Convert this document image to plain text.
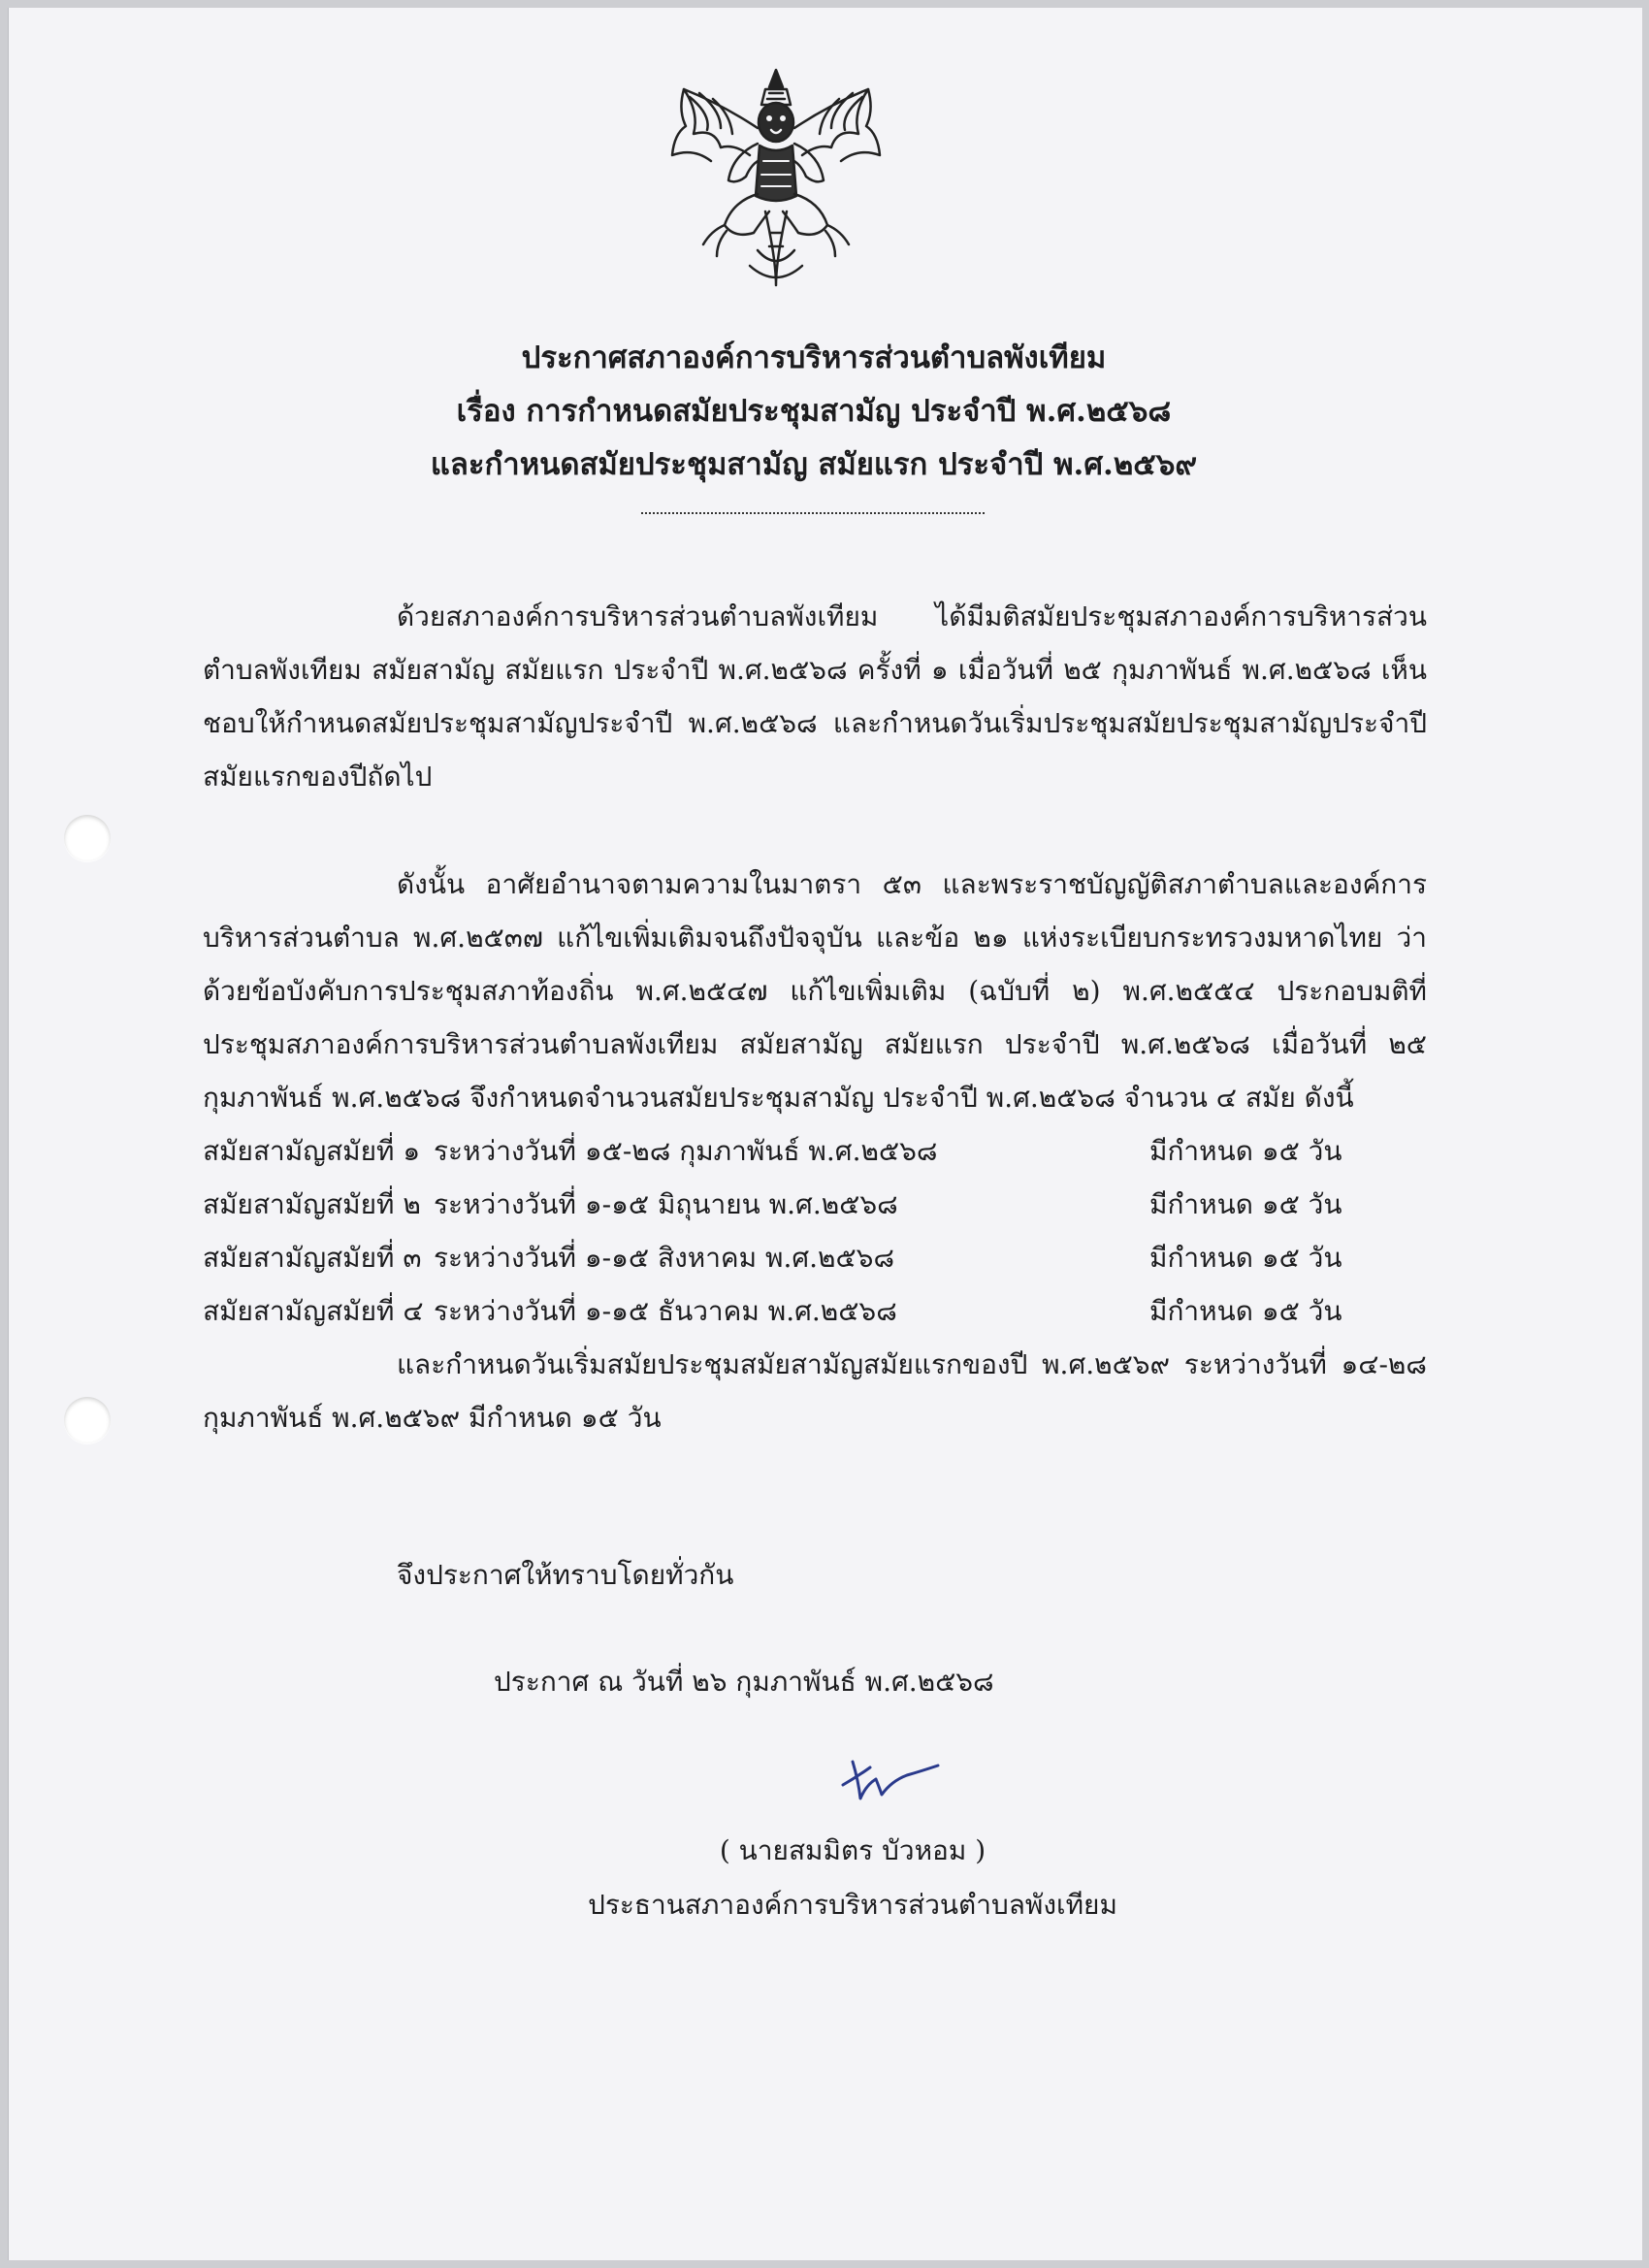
ประกาศสภาองค์การบริหารส่วนตำบลพังเทียม
เรื่อง การกำหนดสมัยประชุมสามัญ ประจำปี พ.ศ.๒๕๖๘
และกำหนดสมัยประชุมสามัญ สมัยแรก ประจำปี พ.ศ.๒๕๖๙

ด้วยสภาองค์การบริหารส่วนตำบลพังเทียม ได้มีมติสมัยประชุมสภาองค์การบริหารส่วนตำบลพังเทียม สมัยสามัญ สมัยแรก ประจำปี พ.ศ.๒๕๖๘ ครั้งที่ ๑ เมื่อวันที่ ๒๕ กุมภาพันธ์ พ.ศ.๒๕๖๘ เห็นชอบให้กำหนดสมัยประชุมสามัญประจำปี พ.ศ.๒๕๖๘ และกำหนดวันเริ่มประชุมสมัยประชุมสามัญประจำปี สมัยแรกของปีถัดไป

ดังนั้น อาศัยอำนาจตามความในมาตรา ๕๓ และพระราชบัญญัติสภาตำบลและองค์การบริหารส่วนตำบล พ.ศ.๒๕๓๗ แก้ไขเพิ่มเติมจนถึงปัจจุบัน และข้อ ๒๑ แห่งระเบียบกระทรวงมหาดไทย ว่าด้วยข้อบังคับการประชุมสภาท้องถิ่น พ.ศ.๒๕๔๗ แก้ไขเพิ่มเติม (ฉบับที่ ๒) พ.ศ.๒๕๕๔ ประกอบมติที่ประชุมสภาองค์การบริหารส่วนตำบลพังเทียม สมัยสามัญ สมัยแรก ประจำปี พ.ศ.๒๕๖๘ เมื่อวันที่ ๒๕ กุมภาพันธ์ พ.ศ.๒๕๖๘ จึงกำหนดจำนวนสมัยประชุมสามัญ ประจำปี พ.ศ.๒๕๖๘ จำนวน ๔ สมัย ดังนี้

สมัยสามัญสมัยที่ ๑ ระหว่างวันที่ ๑๕-๒๘ กุมภาพันธ์ พ.ศ.๒๕๖๘	มีกำหนด ๑๕ วัน
สมัยสามัญสมัยที่ ๒ ระหว่างวันที่ ๑-๑๕ มิถุนายน พ.ศ.๒๕๖๘	มีกำหนด ๑๕ วัน
สมัยสามัญสมัยที่ ๓ ระหว่างวันที่ ๑-๑๕ สิงหาคม พ.ศ.๒๕๖๘	มีกำหนด ๑๕ วัน
สมัยสามัญสมัยที่ ๔ ระหว่างวันที่ ๑-๑๕ ธันวาคม พ.ศ.๒๕๖๘	มีกำหนด ๑๕ วัน

และกำหนดวันเริ่มสมัยประชุมสมัยสามัญสมัยแรกของปี พ.ศ.๒๕๖๙ ระหว่างวันที่ ๑๔-๒๘ กุมภาพันธ์ พ.ศ.๒๕๖๙ มีกำหนด ๑๕ วัน

จึงประกาศให้ทราบโดยทั่วกัน
ประกาศ ณ วันที่ ๒๖ กุมภาพันธ์ พ.ศ.๒๕๖๘
( นายสมมิตร บัวหอม )
ประธานสภาองค์การบริหารส่วนตำบลพังเทียม
